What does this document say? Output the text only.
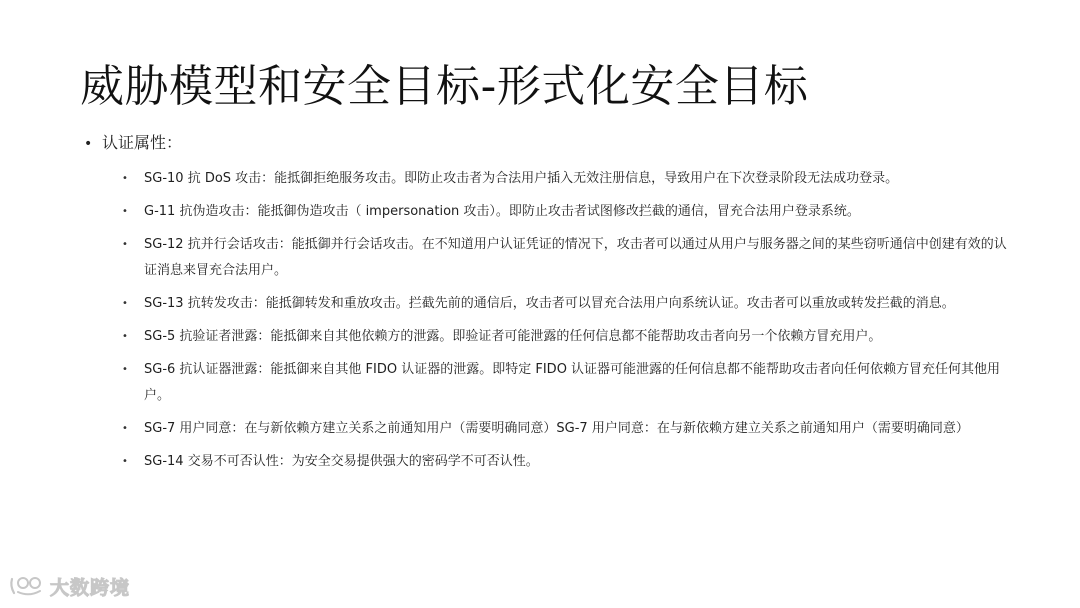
威胁模型和安全目标-形式化安全目标
• 认证属性：
• SG-10 抗 DoS 攻击：能抵御拒绝服务攻击。即防止攻击者为合法用户插入无效注册信息，导致用户在下次登录阶段无法成功登录。
• G-11 抗伪造攻击：能抵御伪造攻击（ impersonation 攻击）。即防止攻击者试图修改拦截的通信，冒充合法用户登录系统。
• SG-12 抗并行会话攻击：能抵御并行会话攻击。在不知道用户认证凭证的情况下，攻击者可以通过从用户与服务器之间的某些窃听通信中创建有效的认证消息来冒充合法用户。
• SG-13 抗转发攻击：能抵御转发和重放攻击。拦截先前的通信后，攻击者可以冒充合法用户向系统认证。攻击者可以重放或转发拦截的消息。
• SG-5 抗验证者泄露：能抵御来自其他依赖方的泄露。即验证者可能泄露的任何信息都不能帮助攻击者向另一个依赖方冒充用户。
• SG-6 抗认证器泄露：能抵御来自其他 FIDO 认证器的泄露。即特定 FIDO 认证器可能泄露的任何信息都不能帮助攻击者向任何依赖方冒充任何其他用户。
• SG-7 用户同意：在与新依赖方建立关系之前通知用户（需要明确同意）SG-7 用户同意：在与新依赖方建立关系之前通知用户（需要明确同意）
• SG-14 交易不可否认性：为安全交易提供强大的密码学不可否认性。
大数跨境
